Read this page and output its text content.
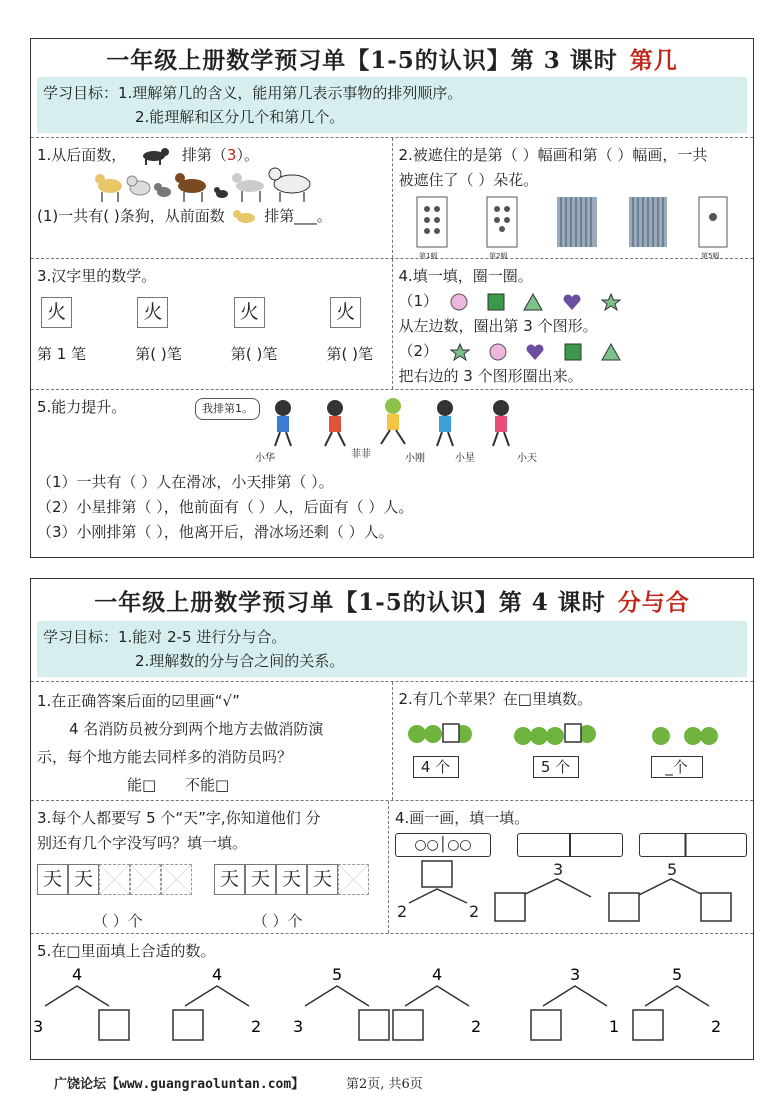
一年级上册数学预习单【1-5的认识】第 3 课时 第几
学习目标：1.理解第几的含义，能用第几表示事物的排列顺序。
2.能理解和区分几个和第几个。
1.从后面数，	排第（3）。
(1)一共有( )条狗，从前面数	排第___。
2.被遮住的是第（ ）幅画和第（ ）幅画，一共
被遮住了（ ）朵花。
第1幅	第2幅	第5幅
3.汉字里的数学。
火	火	火	火
第 1 笔	第( )笔	第( )笔	第( )笔
4.填一填，圈一圈。
（1）
从左边数，圈出第 3 个图形。
（2）
把右边的 3 个图形圈出来。
5.能力提升。	我排第1。
小华	菲菲	小刚	小星	小天
（1）一共有（ ）人在滑冰，小天排第（ ）。
（2）小星排第（ ），他前面有（ ）人，后面有（ ）人。
（3）小刚排第（ ），他离开后，滑冰场还剩（ ）人。
一年级上册数学预习单【1-5的认识】第 4 课时 分与合
学习目标：1.能对 2-5 进行分与合。
2.理解数的分与合之间的关系。
1.在正确答案后面的☑里画“√”
4 名消防员被分到两个地方去做消防演
示，每个地方能去同样多的消防员吗？
能□ 不能□
2.有几个苹果？在□里填数。
4 个	5 个	_个
3.每个人都要写 5 个“天”字,你知道他们 分
别还有几个字没写吗？填一填。
天 天	天 天 天 天
（ ）个	（ ）个
4.画一画，填一填。
○○│○○
2	2
3	5
5.在□里面填上合适的数。
4
3
4
2
5
3
4
2
3
1
5
2
广饶论坛【www.guangraoluntan.com】	第2页, 共6页
